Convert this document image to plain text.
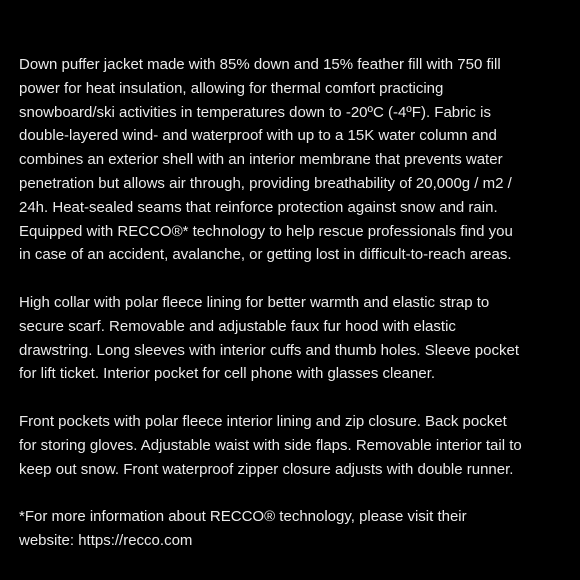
Down puffer jacket made with 85% down and 15% feather fill with 750 fill
power for heat insulation, allowing for thermal comfort practicing
snowboard/ski activities in temperatures down to -20ºC (-4ºF). Fabric is
double-layered wind- and waterproof with up to a 15K water column and
combines an exterior shell with an interior membrane that prevents water
penetration but allows air through, providing breathability of 20,000g / m2 /
24h. Heat-sealed seams that reinforce protection against snow and rain.
Equipped with RECCO®* technology to help rescue professionals find you
in case of an accident, avalanche, or getting lost in difficult-to-reach areas.

High collar with polar fleece lining for better warmth and elastic strap to
secure scarf. Removable and adjustable faux fur hood with elastic
drawstring. Long sleeves with interior cuffs and thumb holes. Sleeve pocket
for lift ticket. Interior pocket for cell phone with glasses cleaner.

Front pockets with polar fleece interior lining and zip closure. Back pocket
for storing gloves. Adjustable waist with side flaps. Removable interior tail to
keep out snow. Front waterproof zipper closure adjusts with double runner.

*For more information about RECCO® technology, please visit their
website: https://recco.com
